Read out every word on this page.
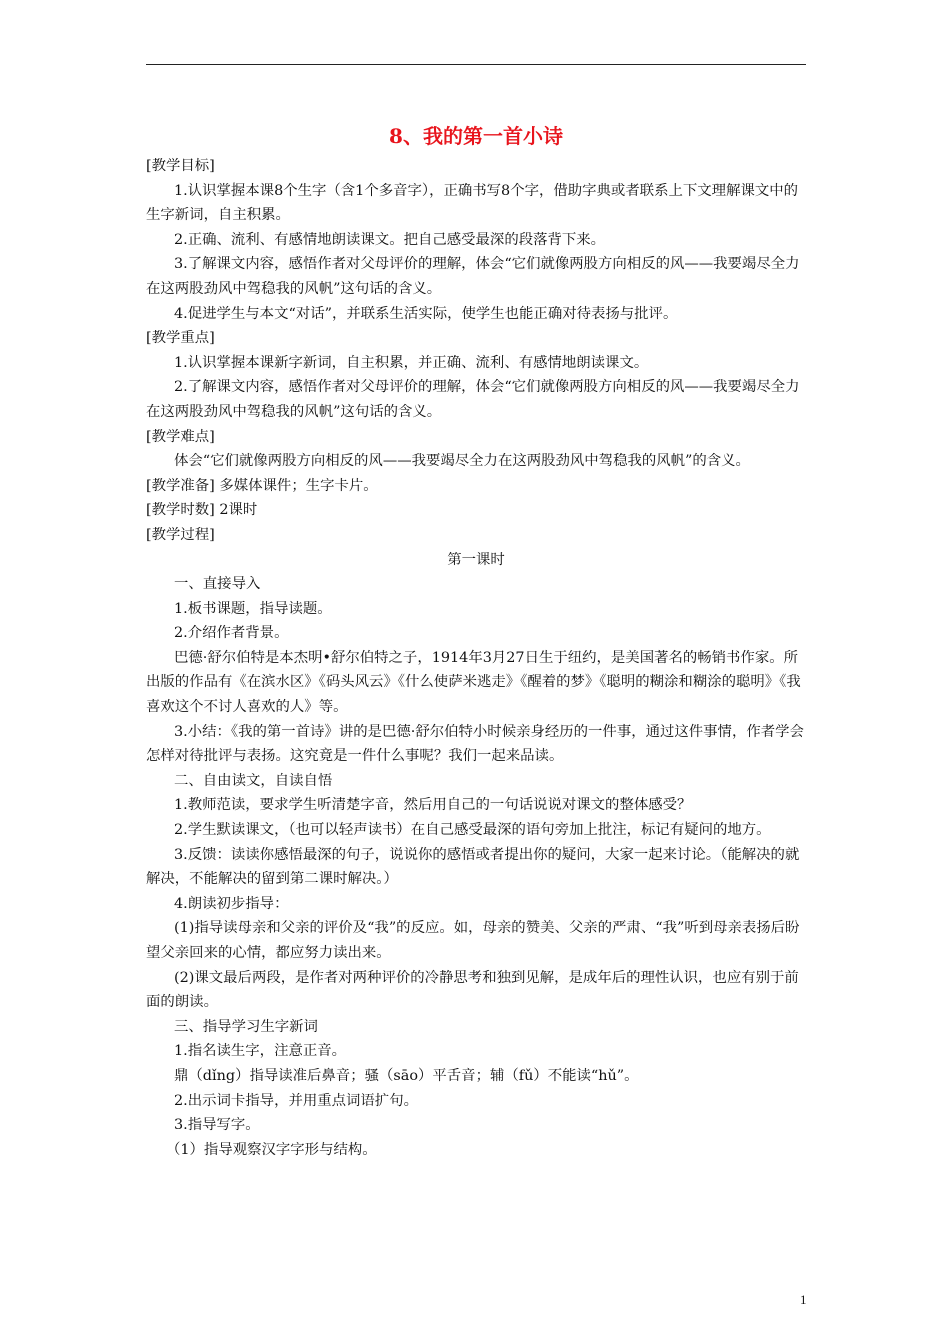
8、我的第一首小诗

[教学目标]

1.认识掌握本课8个生字（含1个多音字），正确书写8个字，借助字典或者联系上下文理解课文中的生字新词，自主积累。

2.正确、流利、有感情地朗读课文。把自己感受最深的段落背下来。

3.了解课文内容，感悟作者对父母评价的理解，体会“它们就像两股方向相反的风——我要竭尽全力在这两股劲风中驾稳我的风帆”这句话的含义。

4.促进学生与本文“对话”，并联系生活实际，使学生也能正确对待表扬与批评。

[教学重点]

1.认识掌握本课新字新词，自主积累，并正确、流利、有感情地朗读课文。

2.了解课文内容，感悟作者对父母评价的理解，体会“它们就像两股方向相反的风——我要竭尽全力在这两股劲风中驾稳我的风帆”这句话的含义。

[教学难点]

体会“它们就像两股方向相反的风——我要竭尽全力在这两股劲风中驾稳我的风帆”的含义。

[教学准备] 多媒体课件；生字卡片。

[教学时数] 2课时

[教学过程]

第一课时

一、直接导入

1.板书课题，指导读题。

2.介绍作者背景。

巴德·舒尔伯特是本杰明•舒尔伯特之子，1914年3月27日生于纽约，是美国著名的畅销书作家。所出版的作品有《在滨水区》《码头风云》《什么使萨米逃走》《醒着的梦》《聪明的糊涂和糊涂的聪明》《我喜欢这个不讨人喜欢的人》等。

3.小结：《我的第一首诗》讲的是巴德·舒尔伯特小时候亲身经历的一件事，通过这件事情，作者学会怎样对待批评与表扬。这究竟是一件什么事呢？我们一起来品读。

二、自由读文，自读自悟

1.教师范读，要求学生听清楚字音，然后用自己的一句话说说对课文的整体感受？

2.学生默读课文，（也可以轻声读书）在自己感受最深的语句旁加上批注，标记有疑问的地方。

3.反馈：读读你感悟最深的句子，说说你的感悟或者提出你的疑问，大家一起来讨论。（能解决的就解决，不能解决的留到第二课时解决。）

4.朗读初步指导：

(1)指导读母亲和父亲的评价及“我”的反应。如，母亲的赞美、父亲的严肃、“我”听到母亲表扬后盼望父亲回来的心情，都应努力读出来。

(2)课文最后两段，是作者对两种评价的冷静思考和独到见解，是成年后的理性认识，也应有别于前面的朗读。

三、指导学习生字新词

1.指名读生字，注意正音。

鼎（dǐng）指导读准后鼻音；骚（sāo）平舌音；辅（fǔ）不能读“hǔ”。

2.出示词卡指导，并用重点词语扩句。

3.指导写字。

（1）指导观察汉字字形与结构。

1
